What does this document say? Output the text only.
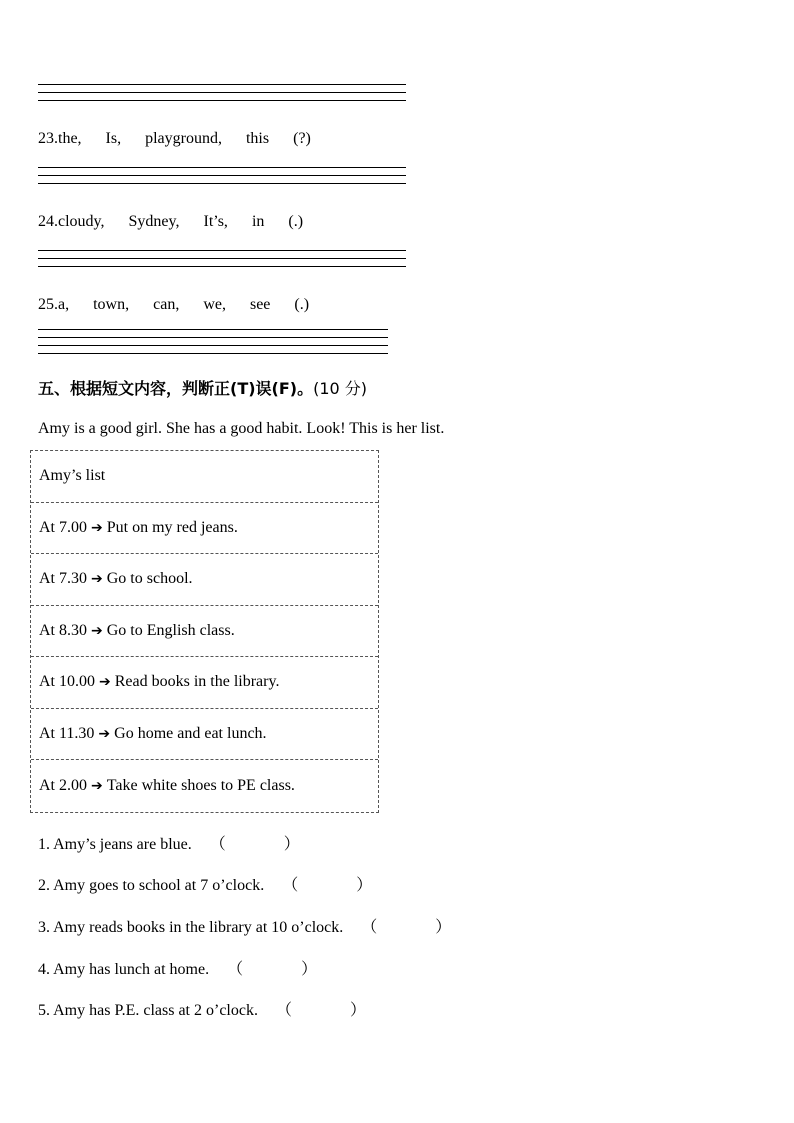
23.the, Is, playground, this (?)
24.cloudy, Sydney, It’s, in (.)
25.a, town, can, we, see (.)
五、根据短文内容，判断正(T)误(F)。(10 分)
Amy is a good girl. She has a good habit. Look! This is her list.
Amy’s list
At 7.00 ➔ Put on my red jeans.
At 7.30 ➔ Go to school.
At 8.30 ➔ Go to English class.
At 10.00 ➔ Read books in the library.
At 11.30 ➔ Go home and eat lunch.
At 2.00 ➔ Take white shoes to PE class.
1. Amy’s jeans are blue. （	）
2. Amy goes to school at 7 o’clock. （	）
3. Amy reads books in the library at 10 o’clock. （	）
4. Amy has lunch at home. （	）
5. Amy has P.E. class at 2 o’clock. （	）
